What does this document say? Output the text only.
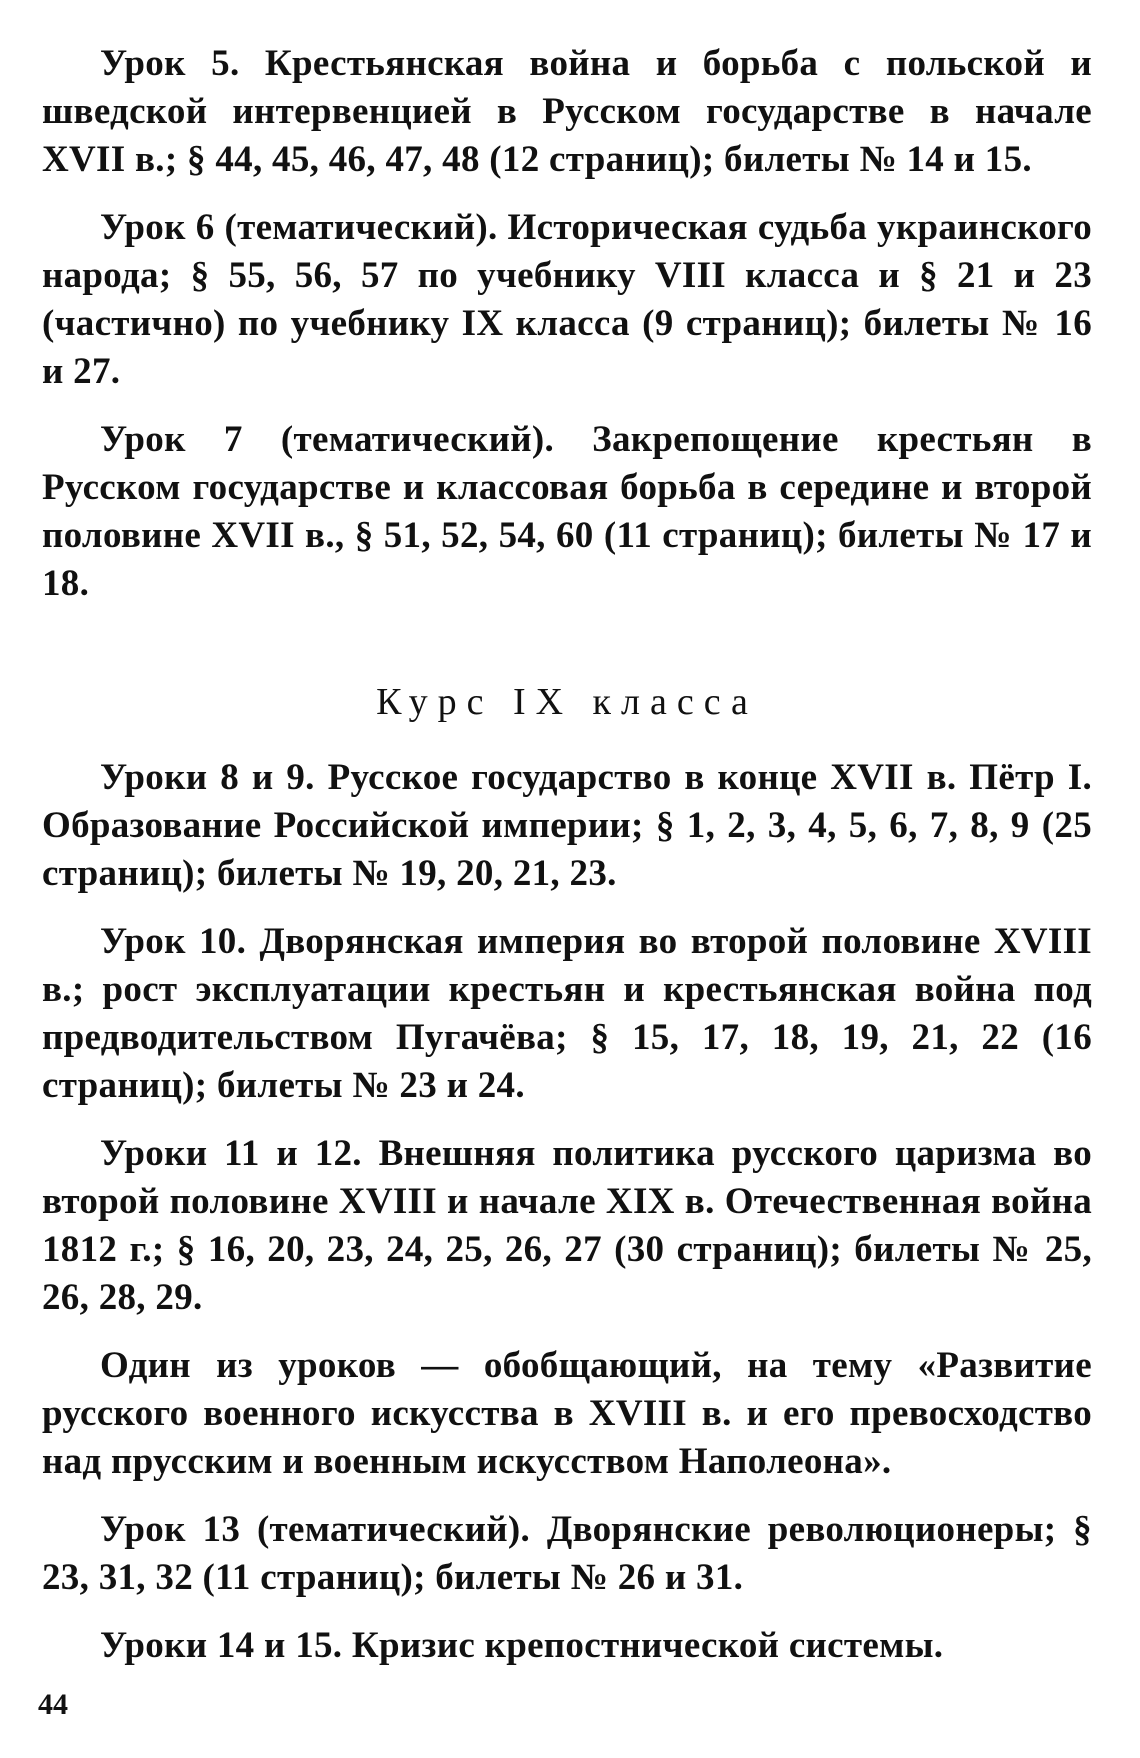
Урок 5. Крестьянская война и борьба с польской и шведской интервенцией в Русском государстве в начале XVII в.; § 44, 45, 46, 47, 48 (12 страниц); билеты № 14 и 15.

Урок 6 (тематический). Историческая судьба украинского народа; § 55, 56, 57 по учебнику VIII класса и § 21 и 23 (частично) по учебнику IX класса (9 страниц); билеты № 16 и 27.

Урок 7 (тематический). Закрепощение крестьян в Русском государстве и классовая борьба в середине и второй половине XVII в., § 51, 52, 54, 60 (11 страниц); билеты № 17 и 18.

Курс IX класса

Уроки 8 и 9. Русское государство в конце XVII в. Пётр I. Образование Российской империи; § 1, 2, 3, 4, 5, 6, 7, 8, 9 (25 страниц); билеты № 19, 20, 21, 23.

Урок 10. Дворянская империя во второй половине XVIII в.; рост эксплуатации крестьян и крестьянская война под предводительством Пугачёва; § 15, 17, 18, 19, 21, 22 (16 страниц); билеты № 23 и 24.

Уроки 11 и 12. Внешняя политика русского царизма во второй половине XVIII и начале XIX в. Отечественная война 1812 г.; § 16, 20, 23, 24, 25, 26, 27 (30 страниц); билеты № 25, 26, 28, 29.

Один из уроков — обобщающий, на тему «Развитие русского военного искусства в XVIII в. и его превосходство над прусским и военным искусством Наполеона».

Урок 13 (тематический). Дворянские революционеры; § 23, 31, 32 (11 страниц); билеты № 26 и 31.

Уроки 14 и 15. Кризис крепостнической системы.

44
